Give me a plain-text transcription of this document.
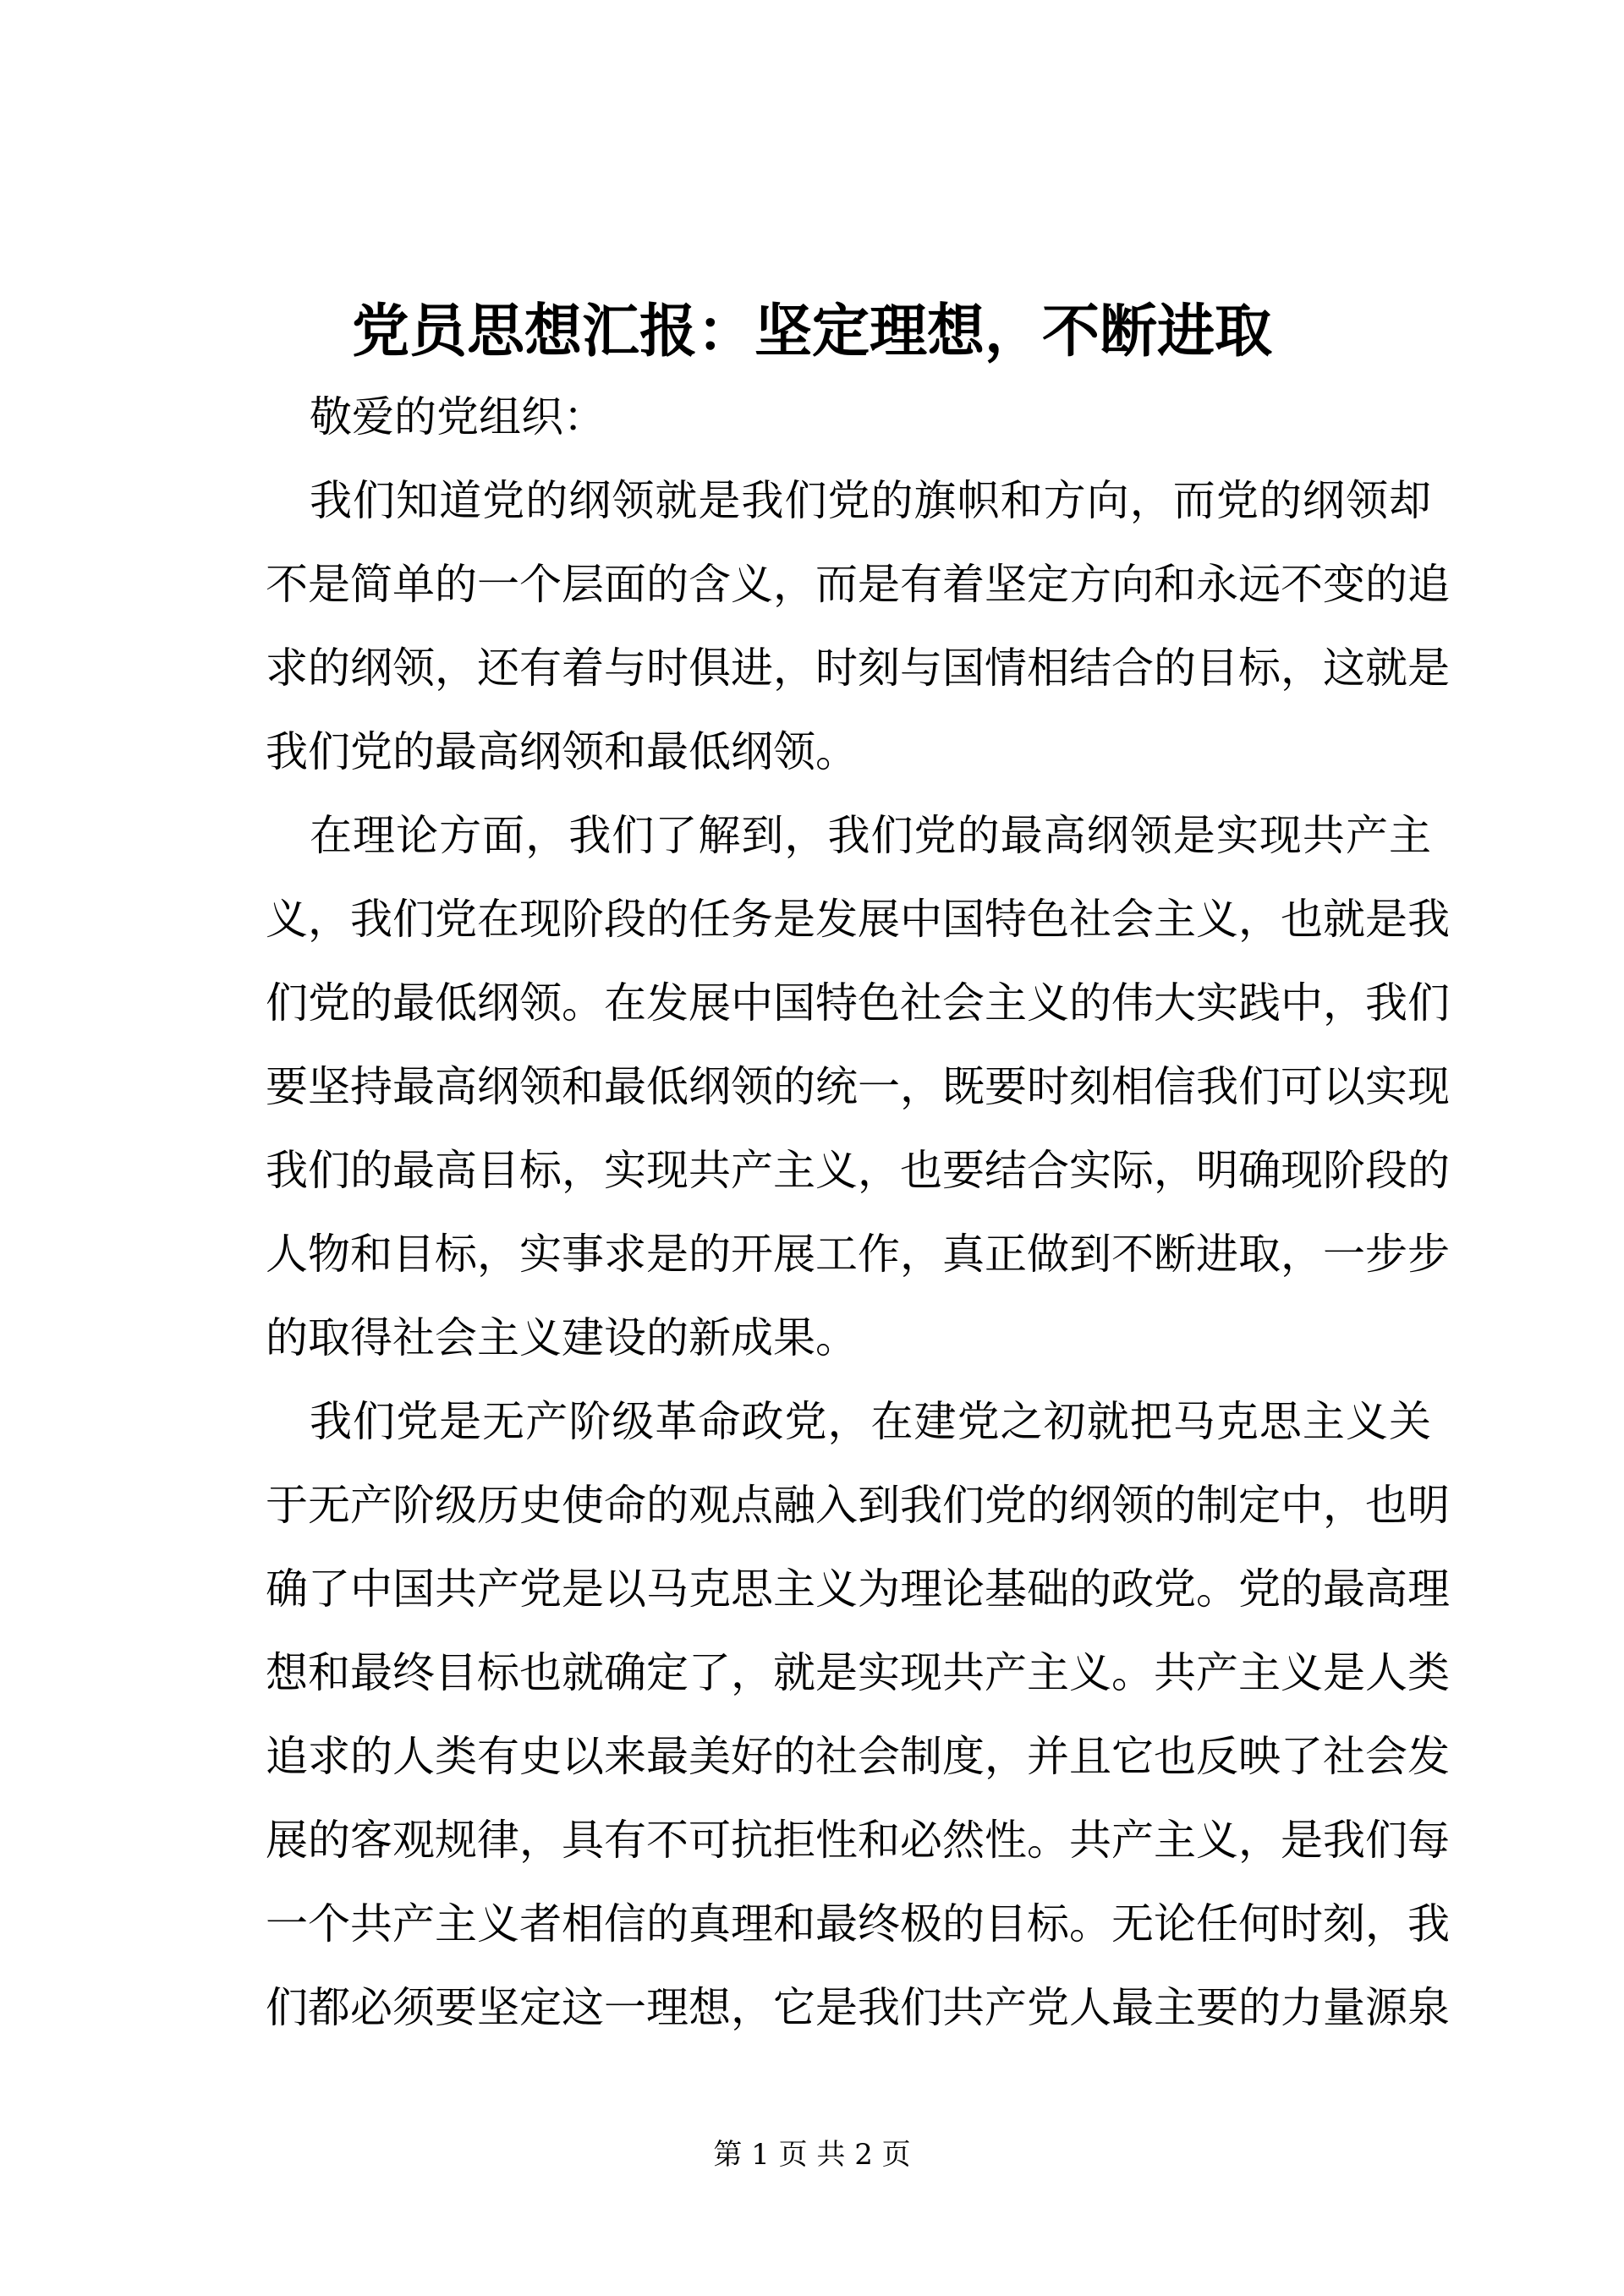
党员思想汇报：坚定理想，不断进取
敬爱的党组织：
我们知道党的纲领就是我们党的旗帜和方向，而党的纲领却
不是简单的一个层面的含义，而是有着坚定方向和永远不变的追
求的纲领，还有着与时俱进，时刻与国情相结合的目标，这就是
我们党的最高纲领和最低纲领。
在理论方面，我们了解到，我们党的最高纲领是实现共产主
义，我们党在现阶段的任务是发展中国特色社会主义，也就是我
们党的最低纲领。在发展中国特色社会主义的伟大实践中，我们
要坚持最高纲领和最低纲领的统一，既要时刻相信我们可以实现
我们的最高目标，实现共产主义，也要结合实际，明确现阶段的
人物和目标，实事求是的开展工作，真正做到不断进取，一步步
的取得社会主义建设的新成果。
我们党是无产阶级革命政党，在建党之初就把马克思主义关
于无产阶级历史使命的观点融入到我们党的纲领的制定中，也明
确了中国共产党是以马克思主义为理论基础的政党。党的最高理
想和最终目标也就确定了，就是实现共产主义。共产主义是人类
追求的人类有史以来最美好的社会制度，并且它也反映了社会发
展的客观规律，具有不可抗拒性和必然性。共产主义，是我们每
一个共产主义者相信的真理和最终极的目标。无论任何时刻，我
们都必须要坚定这一理想，它是我们共产党人最主要的力量源泉
第 1 页 共 2 页
